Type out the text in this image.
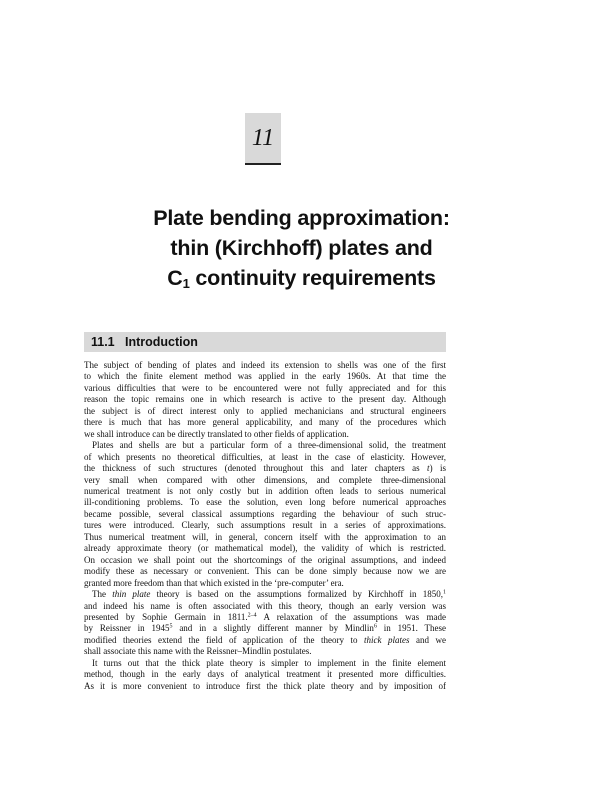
11
Plate bending approximation:
thin (Kirchhoff) plates and
$C_1$ continuity requirements
11.1 Introduction

The subject of bending of plates and indeed its extension to shells was one of the first
to which the finite element method was applied in the early 1960s. At that time the
various difficulties that were to be encountered were not fully appreciated and for this
reason the topic remains one in which research is active to the present day. Although
the subject is of direct interest only to applied mechanicians and structural engineers
there is much that has more general applicability, and many of the procedures which
we shall introduce can be directly translated to other fields of application.

Plates and shells are but a particular form of a three-dimensional solid, the treatment
of which presents no theoretical difficulties, at least in the case of elasticity. However,
the thickness of such structures (denoted throughout this and later chapters as t) is
very small when compared with other dimensions, and complete three-dimensional
numerical treatment is not only costly but in addition often leads to serious numerical
ill-conditioning problems. To ease the solution, even long before numerical approaches
became possible, several classical assumptions regarding the behaviour of such struc-
tures were introduced. Clearly, such assumptions result in a series of approximations.
Thus numerical treatment will, in general, concern itself with the approximation to an
already approximate theory (or mathematical model), the validity of which is restricted.
On occasion we shall point out the shortcomings of the original assumptions, and indeed
modify these as necessary or convenient. This can be done simply because now we are
granted more freedom than that which existed in the ‘pre-computer’ era.

The thin plate theory is based on the assumptions formalized by Kirchhoff in 1850,$^1$
and indeed his name is often associated with this theory, though an early version was
presented by Sophie Germain in 1811.$^{2-4}$ A relaxation of the assumptions was made
by Reissner in 1945$^5$ and in a slightly different manner by Mindlin$^6$ in 1951. These
modified theories extend the field of application of the theory to thick plates and we
shall associate this name with the Reissner–Mindlin postulates.

It turns out that the thick plate theory is simpler to implement in the finite element
method, though in the early days of analytical treatment it presented more difficulties.
As it is more convenient to introduce first the thick plate theory and by imposition of
